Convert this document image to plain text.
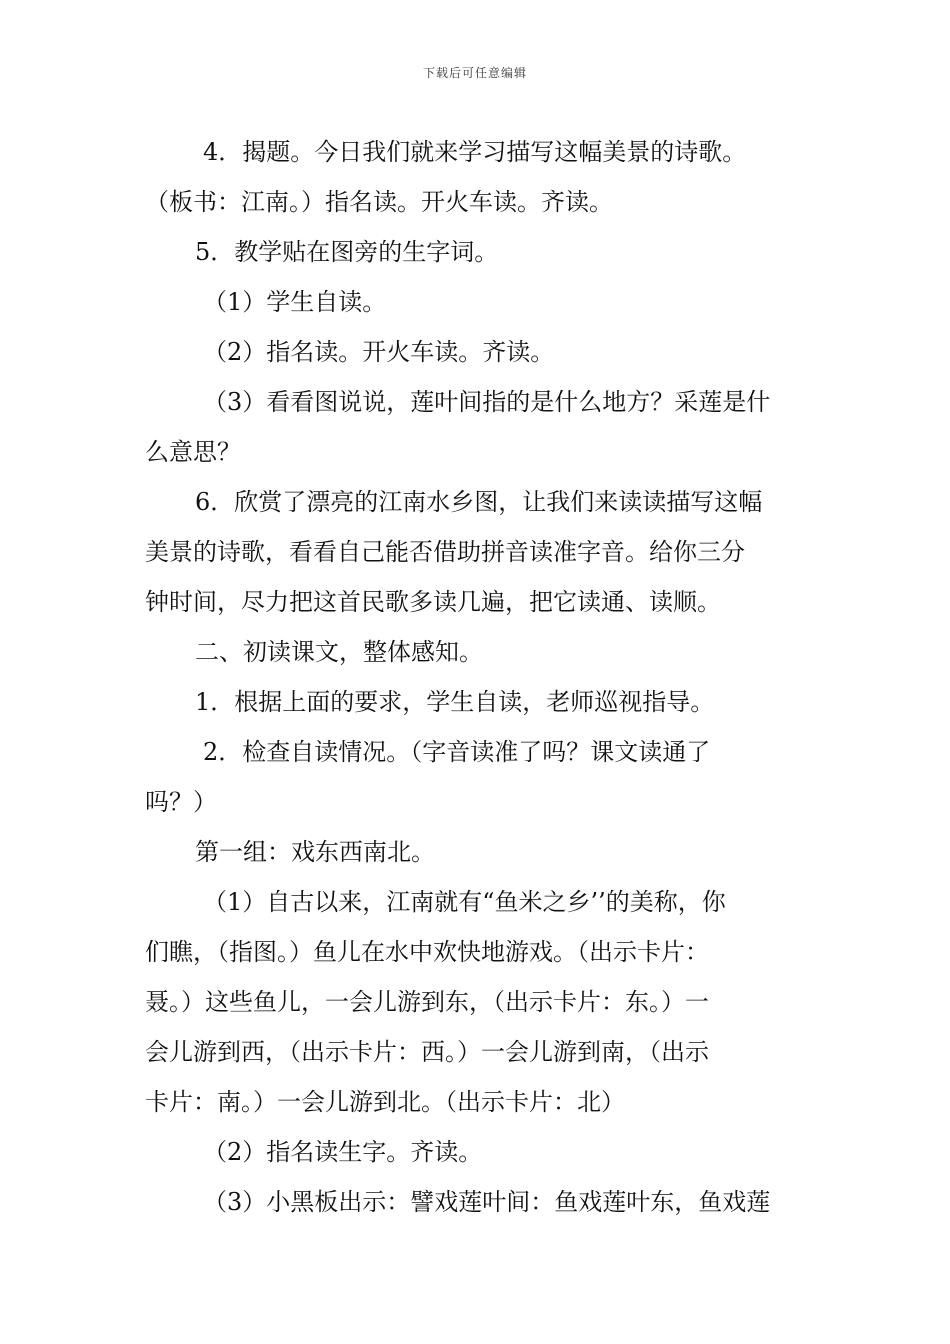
下载后可任意编辑

4．揭题。今日我们就来学习描写这幅美景的诗歌。

（板书：江南。）指名读。开火车读。齐读。

5．教学贴在图旁的生字词。

（1）学生自读。

（2）指名读。开火车读。齐读。

（3）看看图说说，莲叶间指的是什么地方？采莲是什

么意思？

6．欣赏了漂亮的江南水乡图，让我们来读读描写这幅

美景的诗歌，看看自己能否借助拼音读准字音。给你三分

钟时间，尽力把这首民歌多读几遍，把它读通、读顺。

二、初读课文，整体感知。

1．根据上面的要求，学生自读，老师巡视指导。

2．检查自读情况。（字音读准了吗？课文读通了

吗？）

第一组：戏东西南北。

（1）自古以来，江南就有“鱼米之乡’’的美称，你

们瞧，（指图。）鱼儿在水中欢快地游戏。（出示卡片：

聂。）这些鱼儿，一会儿游到东，（出示卡片：东。）一

会儿游到西，（出示卡片：西。）一会儿游到南，（出示

卡片：南。）一会儿游到北。（出示卡片：北）

（2）指名读生字。齐读。

（3）小黑板出示：譬戏莲叶间：鱼戏莲叶东，鱼戏莲
